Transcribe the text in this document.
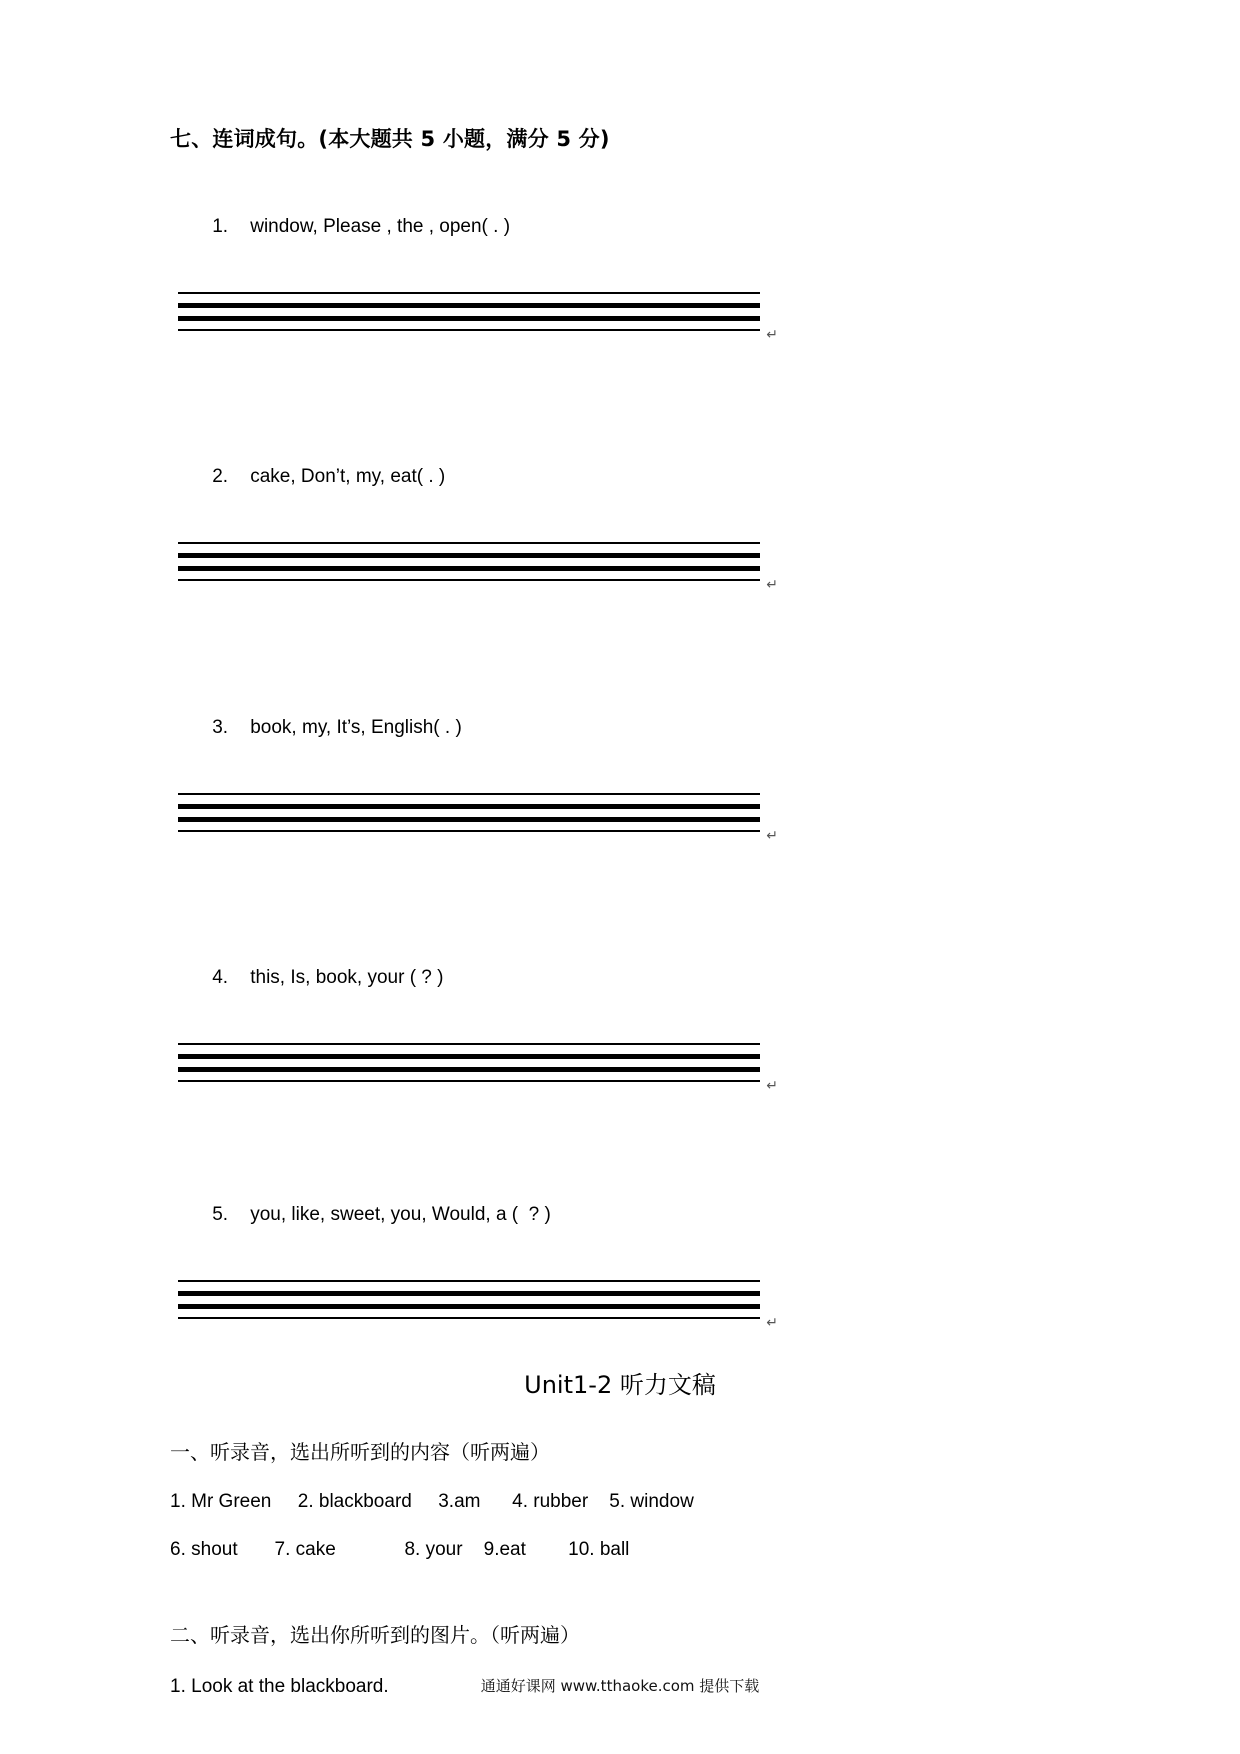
七、连词成句。(本大题共 5 小题，满分 5 分)

1. window, Please , the , open( . )

↵

2. cake, Don’t, my, eat( . )

↵

3. book, my, It’s, English( . )

↵

4. this, Is, book, your ( ? )

↵

5. you, like, sweet, you, Would, a (  ? )

↵
Unit1-2 听力文稿
一、听录音，选出所听到的内容（听两遍）
1. Mr Green     2. blackboard     3.am      4. rubber    5. window
6. shout       7. cake             8. your    9.eat        10. ball
二、听录音，选出你所听到的图片。（听两遍）
1. Look at the blackboard.	通通好课网 www.tthaoke.com 提供下载
